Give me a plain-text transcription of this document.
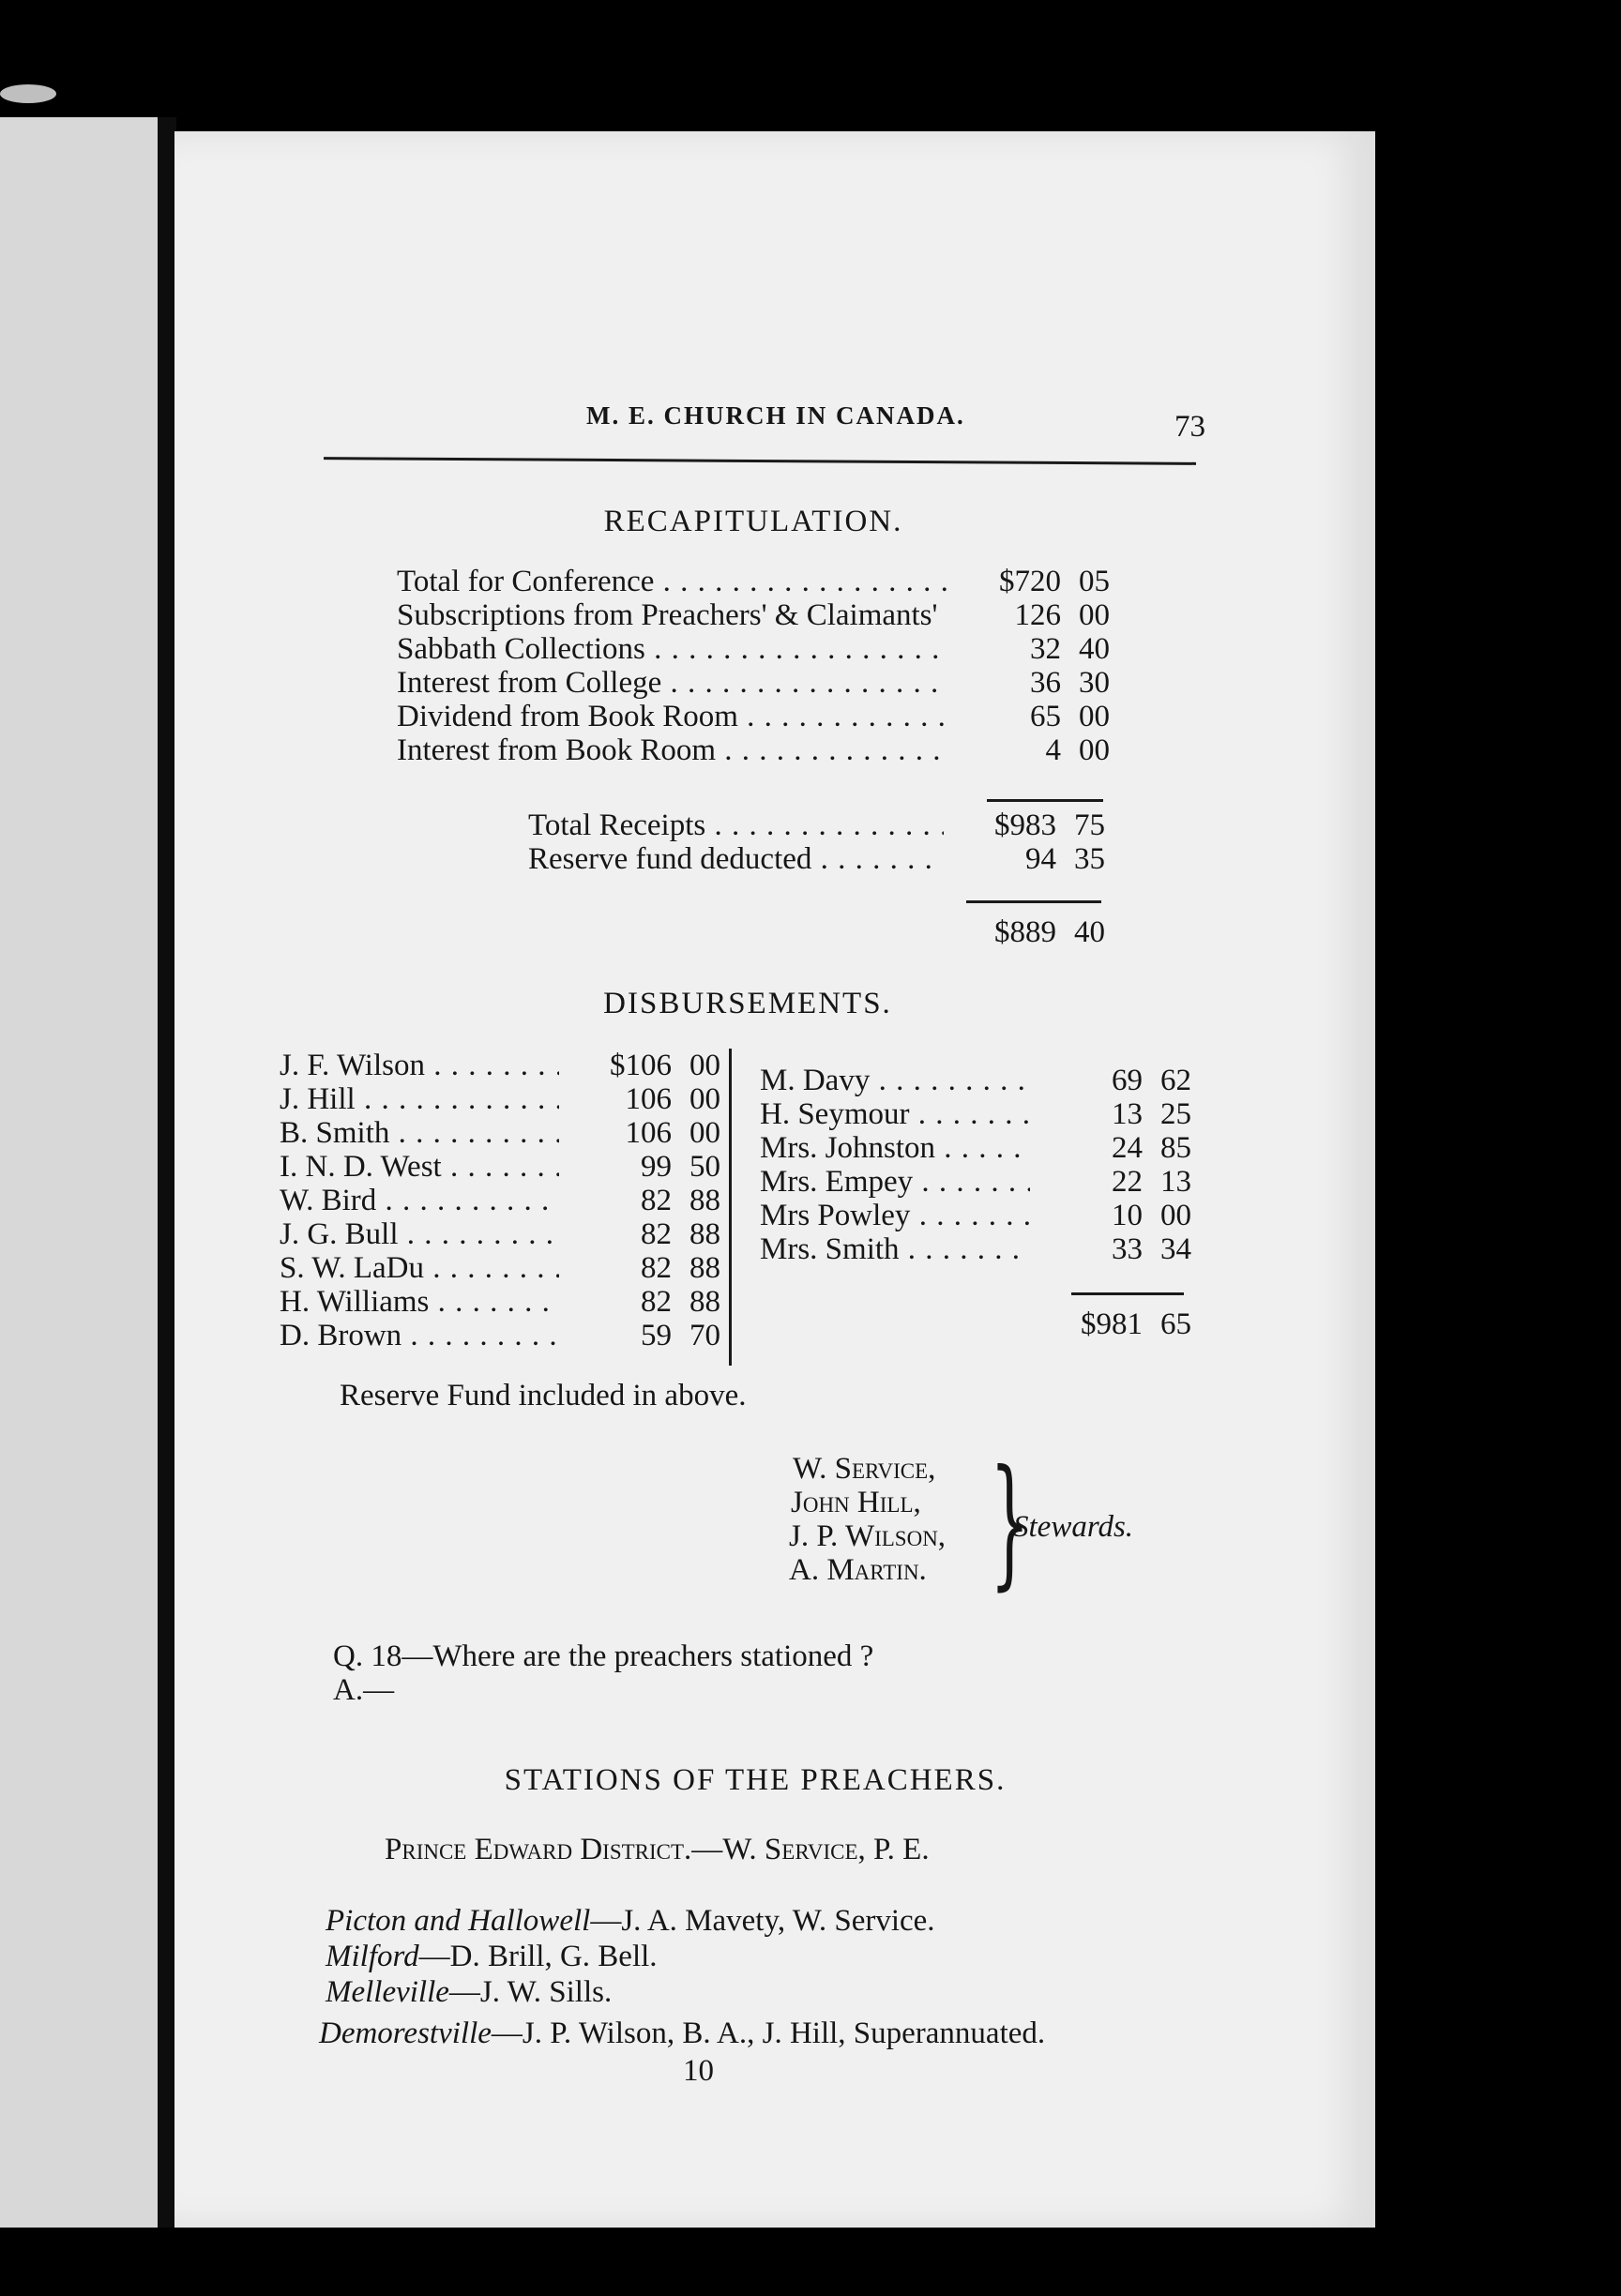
M. E. CHURCH IN CANADA.	73
RECAPITULATION.
Total for Conference . . .	$720 05
Subscriptions from Preachers' & Claimants' . . .	126 00
Sabbath Collections . . .	32 40
Interest from College . . .	36 30
Dividend from Book Room . . .	65 00
Interest from Book Room . . .	4 00
Total Receipts . . .	$983 75
Reserve fund deducted . . .	94 35
$889 40
DISBURSEMENTS.
J. F. Wilson . . .	$106 00
J. Hill . . .	106 00
B. Smith . . .	106 00
I. N. D. West . . .	99 50
W. Bird . . .	82 88
J. G. Bull . . .	82 88
S. W. LaDu . . .	82 88
H. Williams . . .	82 88
D. Brown . . .	59 70
M. Davy . . .	69 62
H. Seymour . . .	13 25
Mrs. Johnston . . .	24 85
Mrs. Empey . . .	22 13
Mrs Powley . . .	10 00
Mrs. Smith . . .	33 34
$981 65
Reserve Fund included in above.
W. Service,
John Hill,
J. P. Wilson,
A. Martin. }
Stewards.
Q. 18—Where are the preachers stationed ?
A.—
STATIONS OF THE PREACHERS.
Prince Edward District.—W. Service, P. E.
Picton and Hallowell—J. A. Mavety, W. Service.
Milford—D. Brill, G. Bell.
Melleville—J. W. Sills.
Demorestville—J. P. Wilson, B. A., J. Hill, Superannuated.
10
